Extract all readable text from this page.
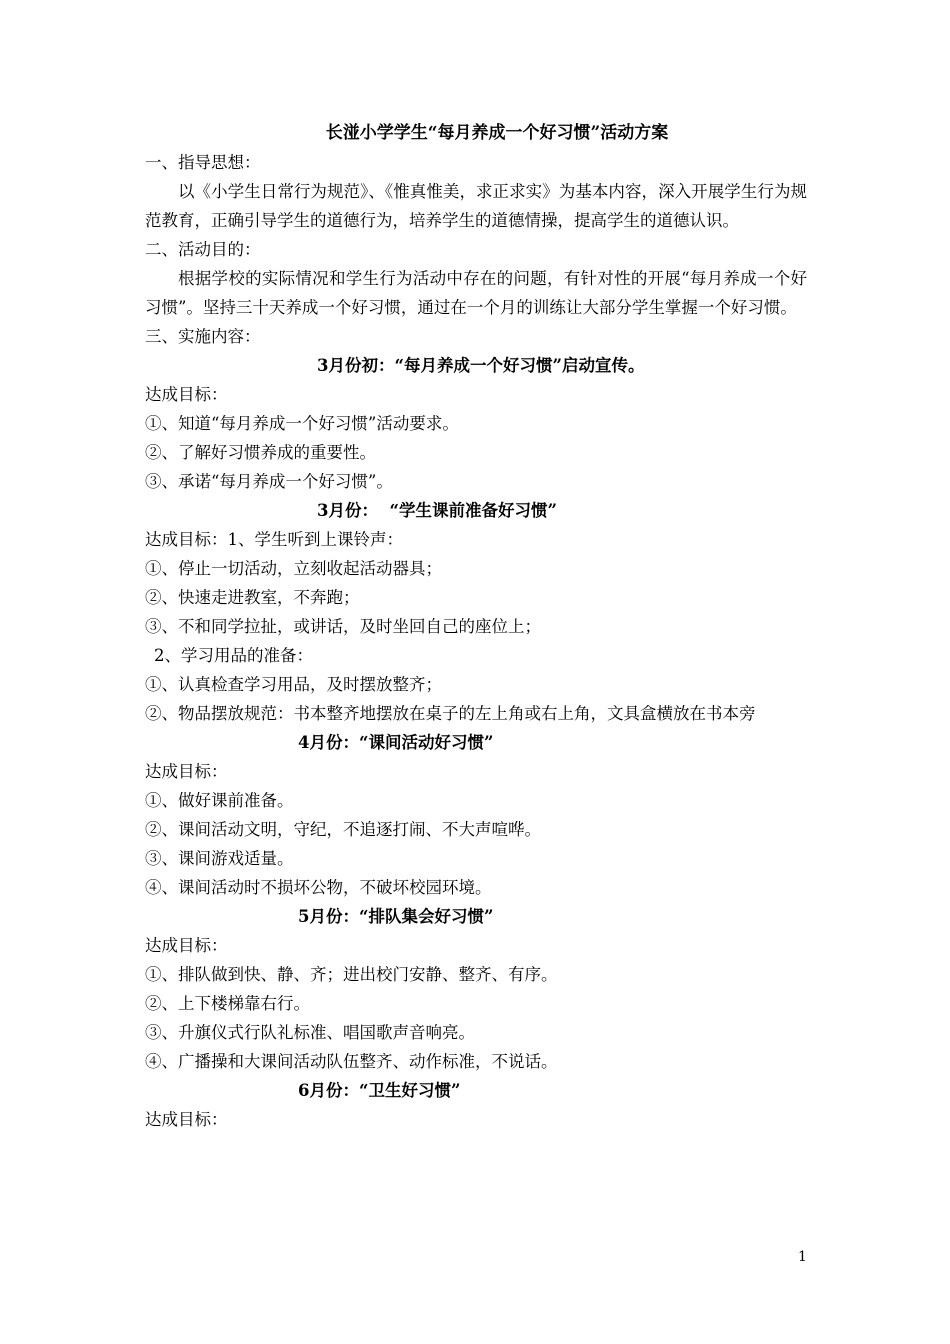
长湴小学学生“每月养成一个好习惯”活动方案

一、指导思想：

以《小学生日常行为规范》、《惟真惟美，求正求实》为基本内容，深入开展学生行为规范教育，正确引导学生的道德行为，培养学生的道德情操，提高学生的道德认识。

二、活动目的：

根据学校的实际情况和学生行为活动中存在的问题，有针对性的开展“每月养成一个好习惯”。坚持三十天养成一个好习惯，通过在一个月的训练让大部分学生掌握一个好习惯。

三、实施内容：

3月份初：“每月养成一个好习惯”启动宣传。

达成目标：

①、知道“每月养成一个好习惯”活动要求。

②、了解好习惯养成的重要性。

③、承诺“每月养成一个好习惯”。

3月份：  “学生课前准备好习惯”

达成目标：1、学生听到上课铃声：

①、停止一切活动，立刻收起活动器具；

②、快速走进教室，不奔跑；

③、不和同学拉扯，或讲话，及时坐回自己的座位上；

2、学习用品的准备：

①、认真检查学习用品，及时摆放整齐；

②、物品摆放规范：书本整齐地摆放在桌子的左上角或右上角，文具盒横放在书本旁

4月份：“课间活动好习惯”

达成目标：

①、做好课前准备。

②、课间活动文明，守纪，不追逐打闹、不大声喧哗。

③、课间游戏适量。

④、课间活动时不损坏公物，不破坏校园环境。

5月份：“排队集会好习惯”

达成目标：

①、排队做到快、静、齐；进出校门安静、整齐、有序。

②、上下楼梯靠右行。

③、升旗仪式行队礼标准、唱国歌声音响亮。

④、广播操和大课间活动队伍整齐、动作标准，不说话。

6月份：“卫生好习惯”

达成目标：

1
